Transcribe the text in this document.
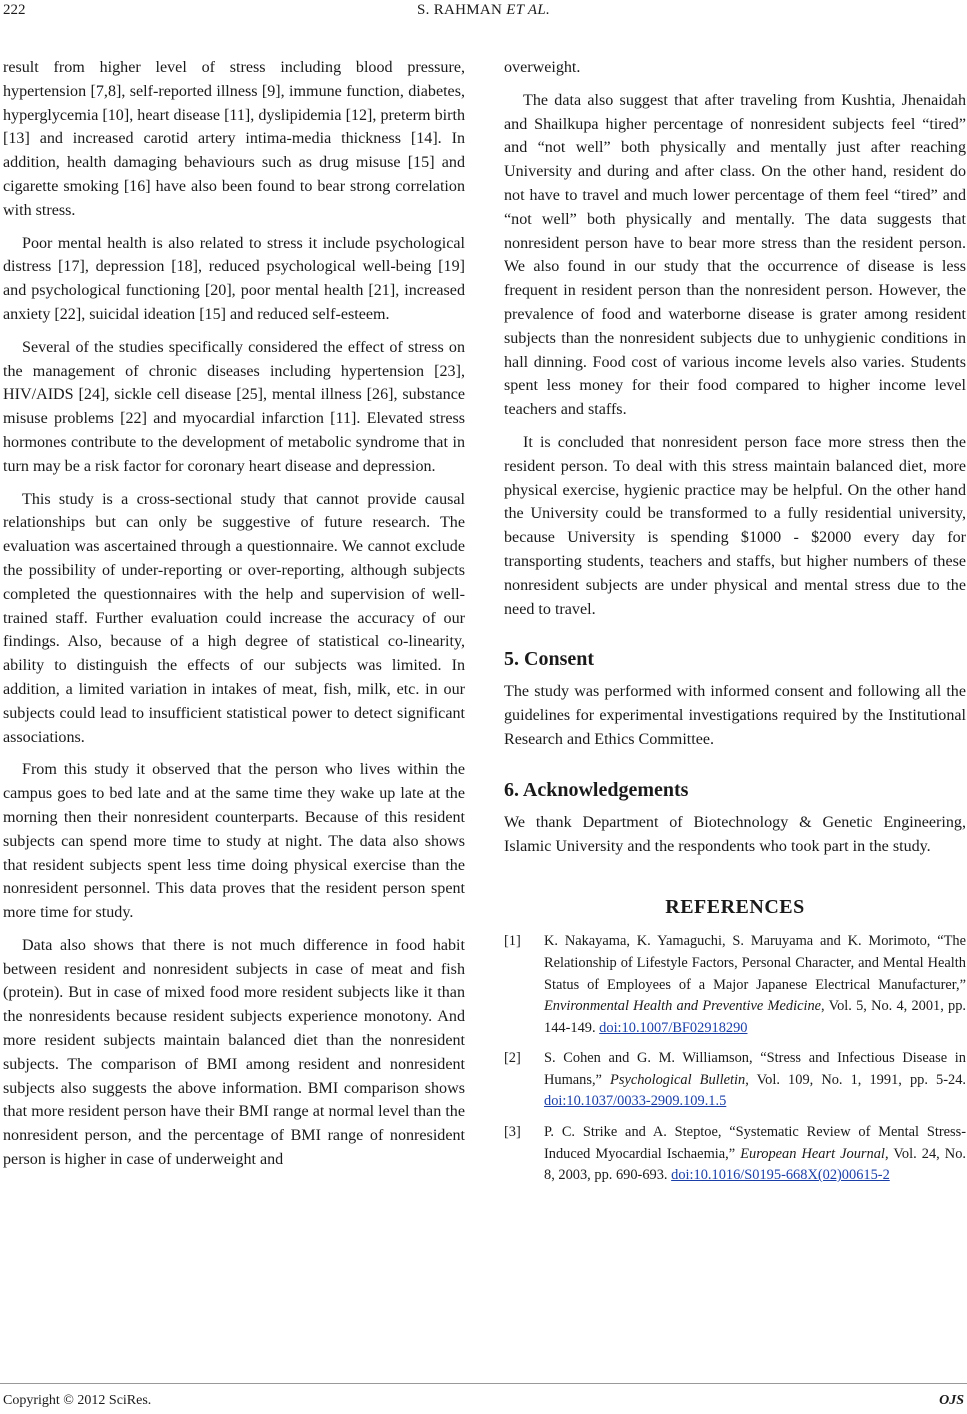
222	S. RAHMAN ET AL.

result from higher level of stress including blood pressure, hypertension [7,8], self-reported illness [9], immune function, diabetes, hyperglycemia [10], heart disease [11], dyslipidemia [12], preterm birth [13] and increased carotid artery intima-media thickness [14]. In addition, health damaging behaviours such as drug misuse [15] and cigarette smoking [16] have also been found to bear strong correlation with stress.

Poor mental health is also related to stress it include psychological distress [17], depression [18], reduced psychological well-being [19] and psychological functioning [20], poor mental health [21], increased anxiety [22], suicidal ideation [15] and reduced self-esteem.

Several of the studies specifically considered the effect of stress on the management of chronic diseases including hypertension [23], HIV/AIDS [24], sickle cell disease [25], mental illness [26], substance misuse problems [22] and myocardial infarction [11]. Elevated stress hormones contribute to the development of metabolic syndrome that in turn may be a risk factor for coronary heart disease and depression.

This study is a cross-sectional study that cannot provide causal relationships but can only be suggestive of future research. The evaluation was ascertained through a questionnaire. We cannot exclude the possibility of under-reporting or over-reporting, although subjects completed the questionnaires with the help and supervision of well-trained staff. Further evaluation could increase the accuracy of our findings. Also, because of a high degree of statistical co-linearity, ability to distinguish the effects of our subjects was limited. In addition, a limited variation in intakes of meat, fish, milk, etc. in our subjects could lead to insufficient statistical power to detect significant associations.

From this study it observed that the person who lives within the campus goes to bed late and at the same time they wake up late at the morning then their nonresident counterparts. Because of this resident subjects can spend more time to study at night. The data also shows that resident subjects spent less time doing physical exercise than the nonresident personnel. This data proves that the resident person spent more time for study.

Data also shows that there is not much difference in food habit between resident and nonresident subjects in case of meat and fish (protein). But in case of mixed food more resident subjects like it than the nonresidents because resident subjects experience monotony. And more resident subjects maintain balanced diet than the nonresident subjects. The comparison of BMI among resident and nonresident subjects also suggests the above information. BMI comparison shows that more resident person have their BMI range at normal level than the nonresident person, and the percentage of BMI range of nonresident person is higher in case of underweight and

overweight.

The data also suggest that after traveling from Kushtia, Jhenaidah and Shailkupa higher percentage of nonresident subjects feel “tired” and “not well” both physically and mentally just after reaching University and during and after class. On the other hand, resident do not have to travel and much lower percentage of them feel “tired” and “not well” both physically and mentally. The data suggests that nonresident person have to bear more stress than the resident person. We also found in our study that the occurrence of disease is less frequent in resident person than the nonresident person. However, the prevalence of food and waterborne disease is grater among resident subjects than the nonresident subjects due to unhygienic conditions in hall dinning. Food cost of various income levels also varies. Students spent less money for their food compared to higher income level teachers and staffs.

It is concluded that nonresident person face more stress then the resident person. To deal with this stress maintain balanced diet, more physical exercise, hygienic practice may be helpful. On the other hand the University could be transformed to a fully residential university, because University is spending $1000 - $2000 every day for transporting students, teachers and staffs, but higher numbers of these nonresident subjects are under physical and mental stress due to the need to travel.

5. Consent

The study was performed with informed consent and following all the guidelines for experimental investigations required by the Institutional Research and Ethics Committee.

6. Acknowledgements

We thank Department of Biotechnology & Genetic Engineering, Islamic University and the respondents who took part in the study.

REFERENCES
[1]	K. Nakayama, K. Yamaguchi, S. Maruyama and K. Morimoto, “The Relationship of Lifestyle Factors, Personal Character, and Mental Health Status of Employees of a Major Japanese Electrical Manufacturer,” Environmental Health and Preventive Medicine, Vol. 5, No. 4, 2001, pp. 144-149. doi:10.1007/BF02918290
[2]	S. Cohen and G. M. Williamson, “Stress and Infectious Disease in Humans,” Psychological Bulletin, Vol. 109, No. 1, 1991, pp. 5-24. doi:10.1037/0033-2909.109.1.5
[3]	P. C. Strike and A. Steptoe, “Systematic Review of Mental Stress-Induced Myocardial Ischaemia,” European Heart Journal, Vol. 24, No. 8, 2003, pp. 690-693. doi:10.1016/S0195-668X(02)00615-2
Copyright © 2012 SciRes.	OJS
